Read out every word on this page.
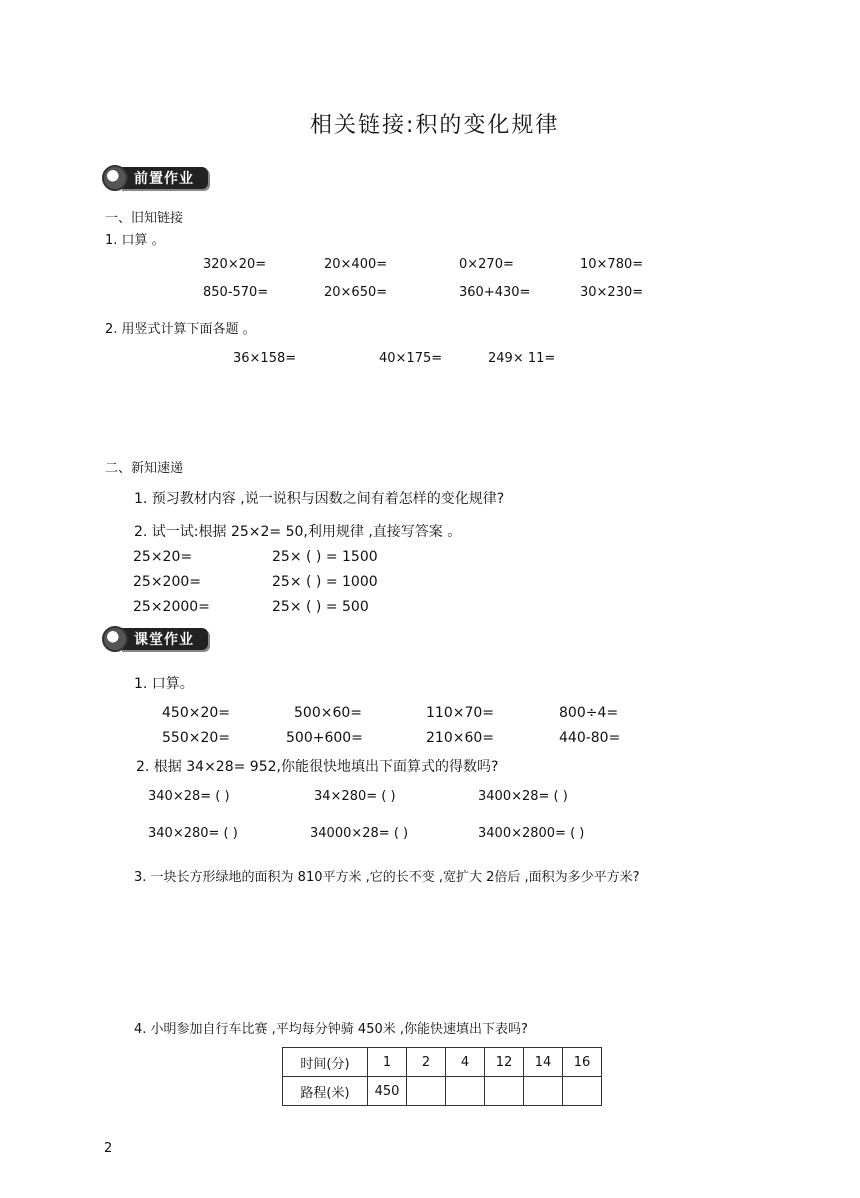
相关链接:积的变化规律
前置作业
一、旧知链接
1. 口算 。
320×20=	20×400=	0×270=	10×780=
850-570=	20×650=	360+430=	30×230=
2. 用竖式计算下面各题 。
36×158=	40×175=	249× 11=
二、新知速递
1. 预习教材内容 ,说一说积与因数之间有着怎样的变化规律?
2. 试一试:根据 25×2= 50,利用规律 ,直接写答案 。
25×20=	25× ( ) = 1500
25×200=	25× ( ) = 1000
25×2000=	25× ( ) = 500
课堂作业
1. 口算。
450×20=	500×60=	110×70=	800÷4=
550×20=	500+600=	210×60=	440-80=
2. 根据 34×28= 952,你能很快地填出下面算式的得数吗?
340×28= ( )	34×280= ( )	3400×28= ( )
340×280= ( )	34000×28= ( )	3400×2800= ( )
3. 一块长方形绿地的面积为 810平方米 ,它的长不变 ,宽扩大 2倍后 ,面积为多少平方米?
4. 小明参加自行车比赛 ,平均每分钟骑 450米 ,你能快速填出下表吗?
时间(分)	1	2	4	12	14	16
路程(米)	450					
2
